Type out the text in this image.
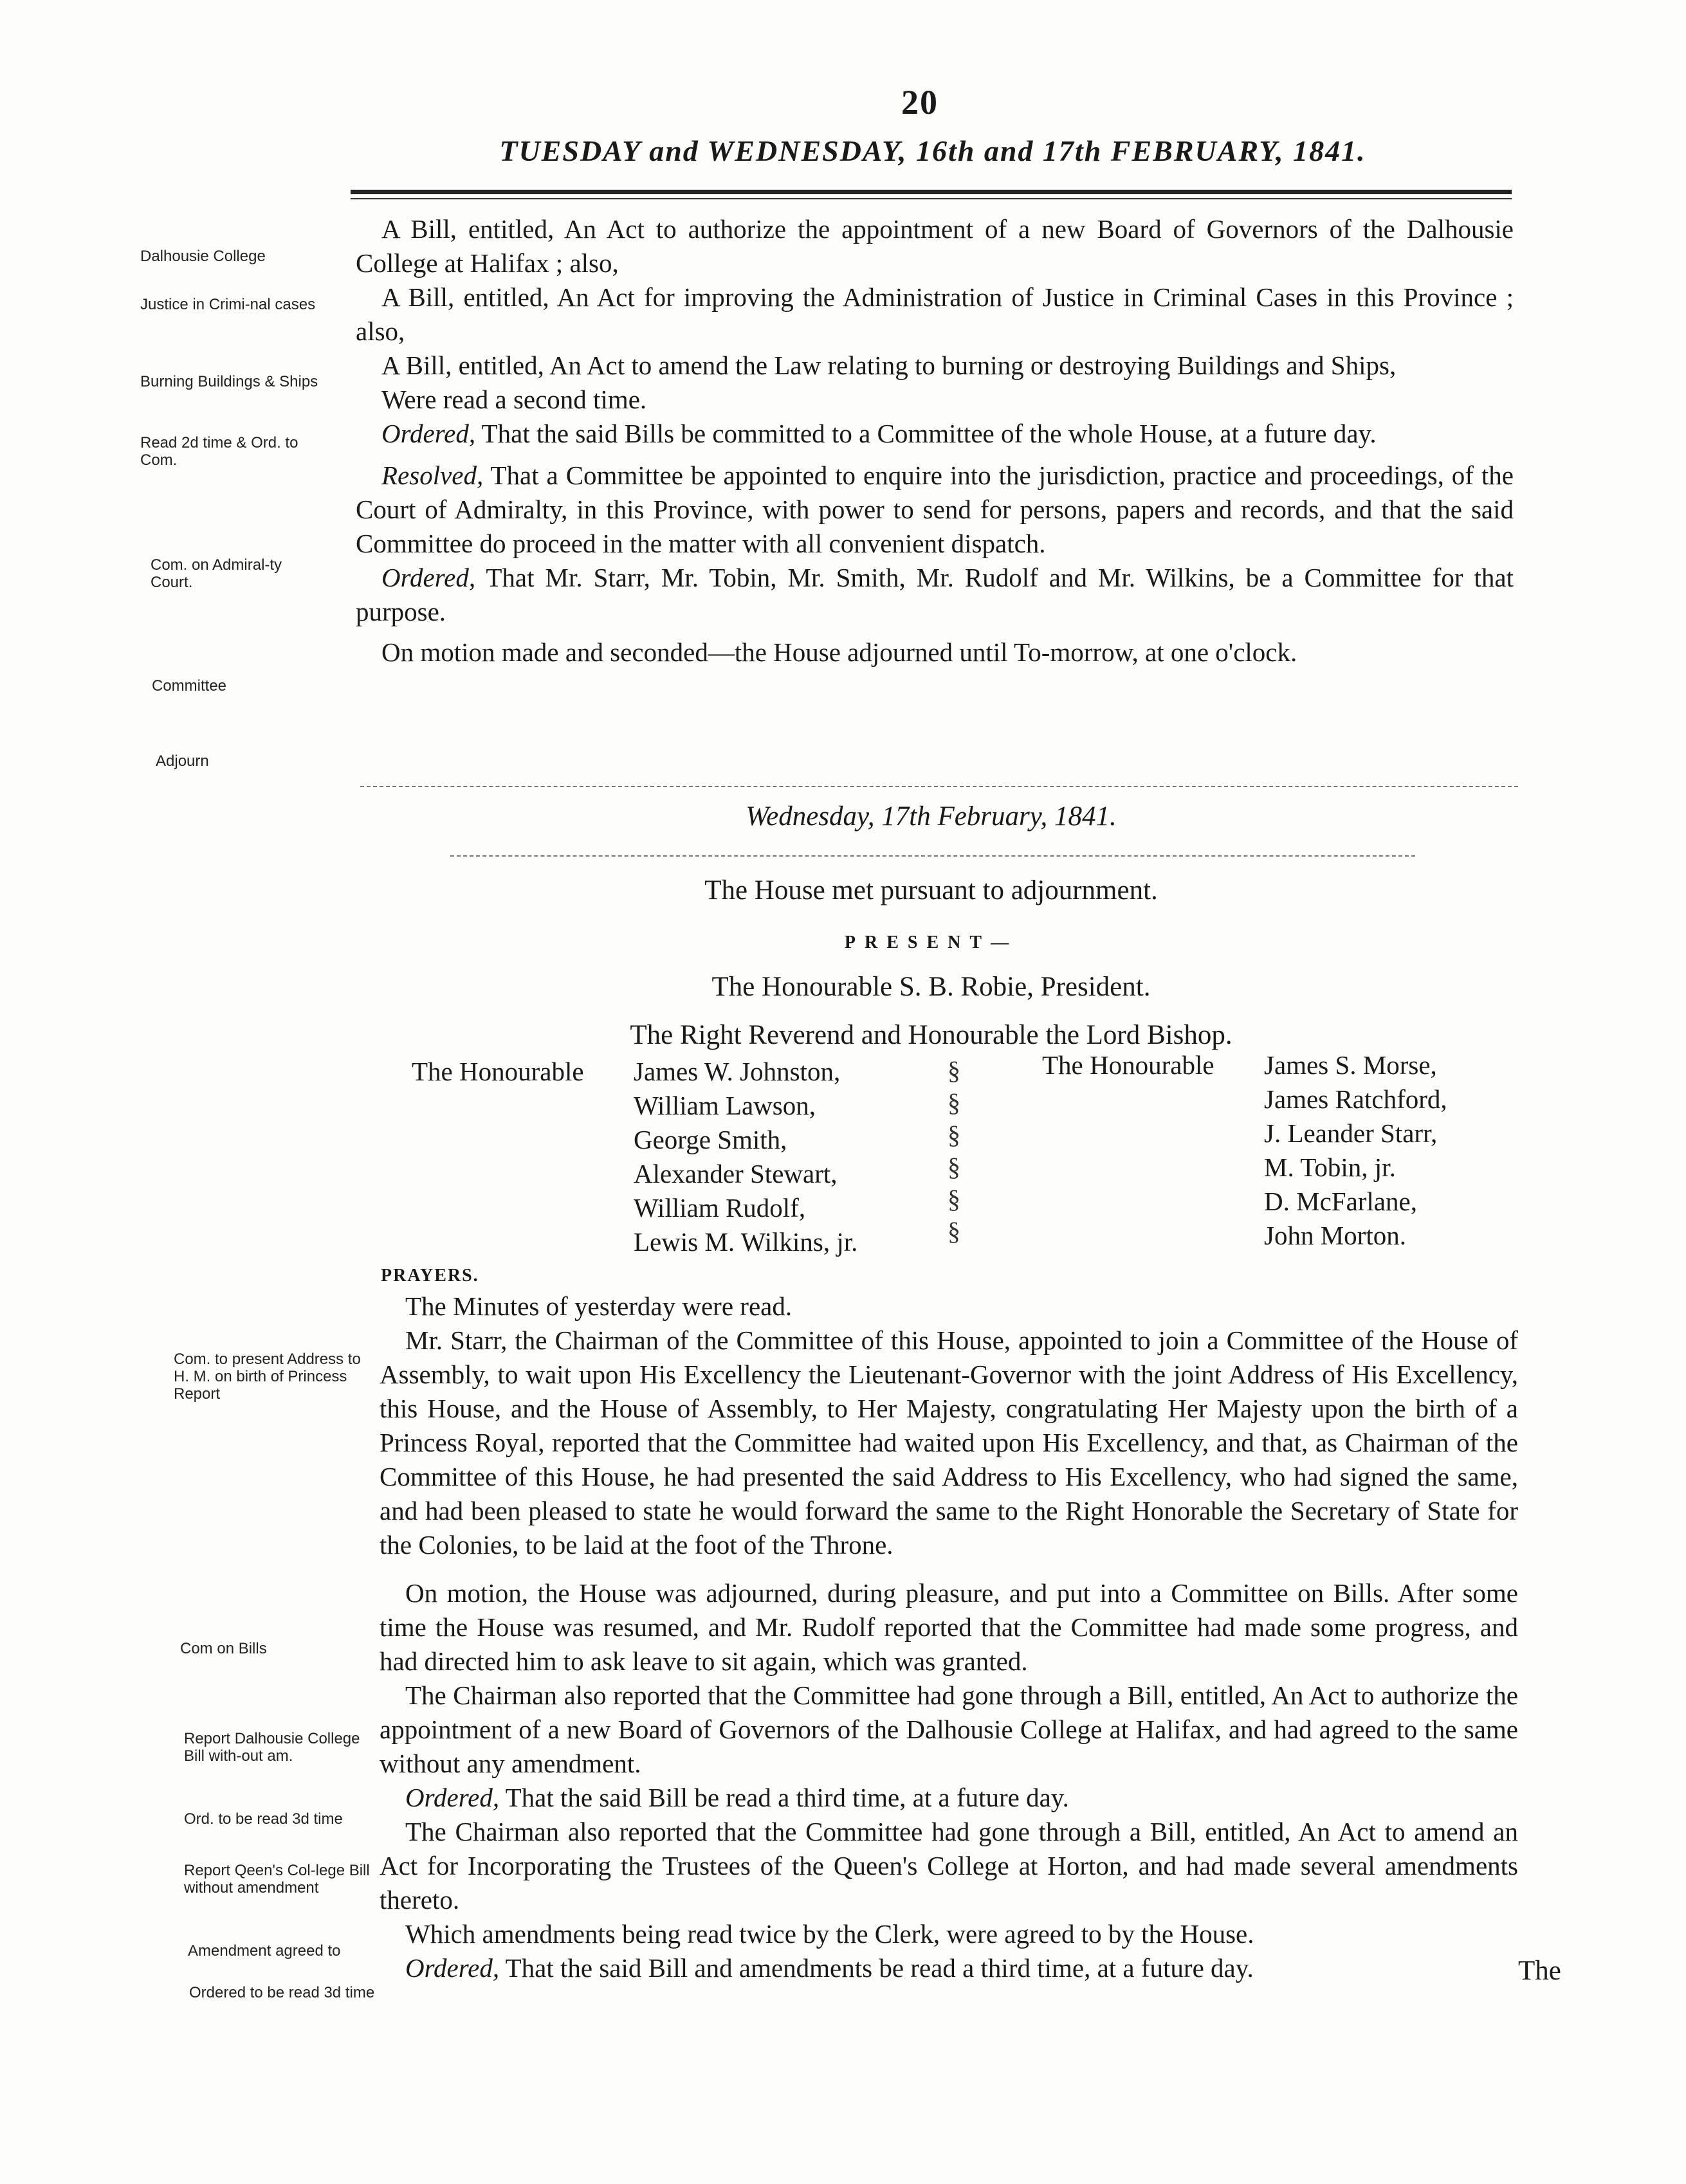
20
TUESDAY and WEDNESDAY, 16th and 17th FEBRUARY, 1841.
Dalhousie College
Justice in Crimi-nal cases
Burning Buildings & Ships
Read 2d time & Ord. to Com.
Com. on Admiral-ty Court.
Committee
Adjourn
Com. to present Address to H. M. on birth of Princess Report
Com on Bills
Report Dalhousie College Bill with-out am.
Ord. to be read 3d time
Report Qeen's Col-lege Bill without amendment
Amendment agreed to
Ordered to be read 3d time

A Bill, entitled, An Act to authorize the appointment of a new Board of Governors of the Dalhousie College at Halifax ; also,

A Bill, entitled, An Act for improving the Administration of Justice in Criminal Cases in this Province ; also,

A Bill, entitled, An Act to amend the Law relating to burning or destroying Buildings and Ships,

Were read a second time.

Ordered, That the said Bills be committed to a Committee of the whole House, at a future day.

Resolved, That a Committee be appointed to enquire into the jurisdiction, practice and proceedings, of the Court of Admiralty, in this Province, with power to send for persons, papers and records, and that the said Committee do proceed in the matter with all convenient dispatch.

Ordered, That Mr. Starr, Mr. Tobin, Mr. Smith, Mr. Rudolf and Mr. Wilkins, be a Committee for that purpose.

On motion made and seconded—the House adjourned until To-morrow, at one o'clock.

Wednesday, 17th February, 1841.
The House met pursuant to adjournment.
PRESENT—
The Honourable S. B. Robie, President.
The Right Reverend and Honourable the Lord Bishop.
The Honourable James W. Johnston,
William Lawson,
George Smith,
Alexander Stewart,
William Rudolf,
Lewis M. Wilkins, jr.
§
§
§
§
§
§
The Honourable James S. Morse,
James Ratchford,
J. Leander Starr,
M. Tobin, jr.
D. McFarlane,
John Morton.
PRAYERS.

The Minutes of yesterday were read.

Mr. Starr, the Chairman of the Committee of this House, appointed to join a Committee of the House of Assembly, to wait upon His Excellency the Lieutenant-Governor with the joint Address of His Excellency, this House, and the House of Assembly, to Her Majesty, congratulating Her Majesty upon the birth of a Princess Royal, reported that the Committee had waited upon His Excellency, and that, as Chairman of the Committee of this House, he had presented the said Address to His Excellency, who had signed the same, and had been pleased to state he would forward the same to the Right Honorable the Secretary of State for the Colonies, to be laid at the foot of the Throne.

On motion, the House was adjourned, during pleasure, and put into a Committee on Bills. After some time the House was resumed, and Mr. Rudolf reported that the Committee had made some progress, and had directed him to ask leave to sit again, which was granted.

The Chairman also reported that the Committee had gone through a Bill, entitled, An Act to authorize the appointment of a new Board of Governors of the Dalhousie College at Halifax, and had agreed to the same without any amendment.

Ordered, That the said Bill be read a third time, at a future day.

The Chairman also reported that the Committee had gone through a Bill, entitled, An Act to amend an Act for Incorporating the Trustees of the Queen's College at Horton, and had made several amendments thereto.

Which amendments being read twice by the Clerk, were agreed to by the House.

Ordered, That the said Bill and amendments be read a third time, at a future day.	The
